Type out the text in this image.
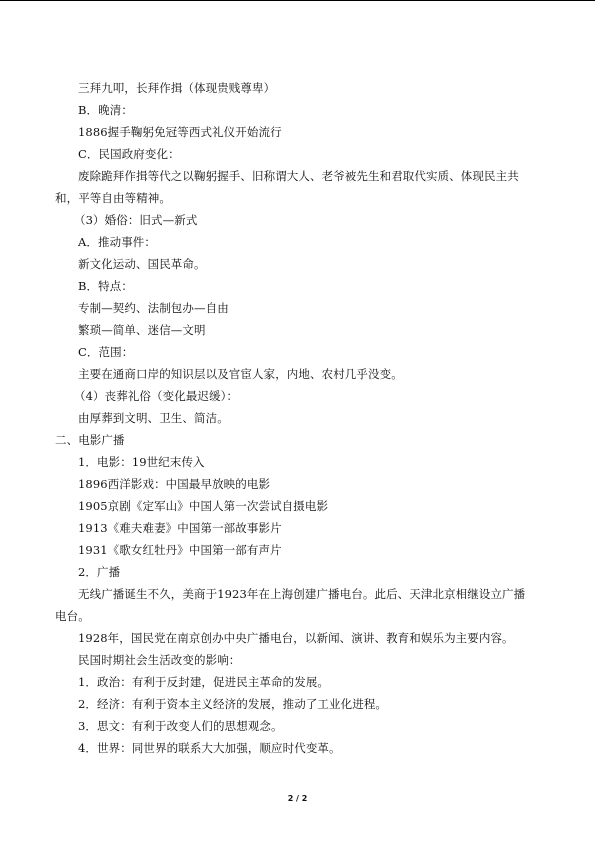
三拜九叩，长拜作揖（体现贵贱尊卑）
B．晚清：
1886握手鞠躬免冠等西式礼仪开始流行
C．民国政府变化：
废除跪拜作揖等代之以鞠躬握手、旧称谓大人、老爷被先生和君取代实质、体现民主共
和，平等自由等精神。
（3）婚俗：旧式—新式
A．推动事件：
新文化运动、国民革命。
B．特点：
专制—契约、法制包办—自由
繁琐—简单、迷信—文明
C．范围：
主要在通商口岸的知识层以及官宦人家，内地、农村几乎没变。
（4）丧葬礼俗（变化最迟缓）：
由厚葬到文明、卫生、简洁。
二、电影广播
1．电影：19世纪末传入
1896西洋影戏：中国最早放映的电影
1905京剧《定军山》中国人第一次尝试自摄电影
1913《难夫难妻》中国第一部故事影片
1931《歌女红牡丹》中国第一部有声片
2．广播
无线广播诞生不久，美商于1923年在上海创建广播电台。此后、天津北京相继设立广播
电台。
1928年，国民党在南京创办中央广播电台，以新闻、演讲、教育和娱乐为主要内容。
民国时期社会生活改变的影响：
1．政治：有利于反封建，促进民主革命的发展。
2．经济：有利于资本主义经济的发展，推动了工业化进程。
3．思文：有利于改变人们的思想观念。
4．世界：同世界的联系大大加强，顺应时代变革。
2 / 2
